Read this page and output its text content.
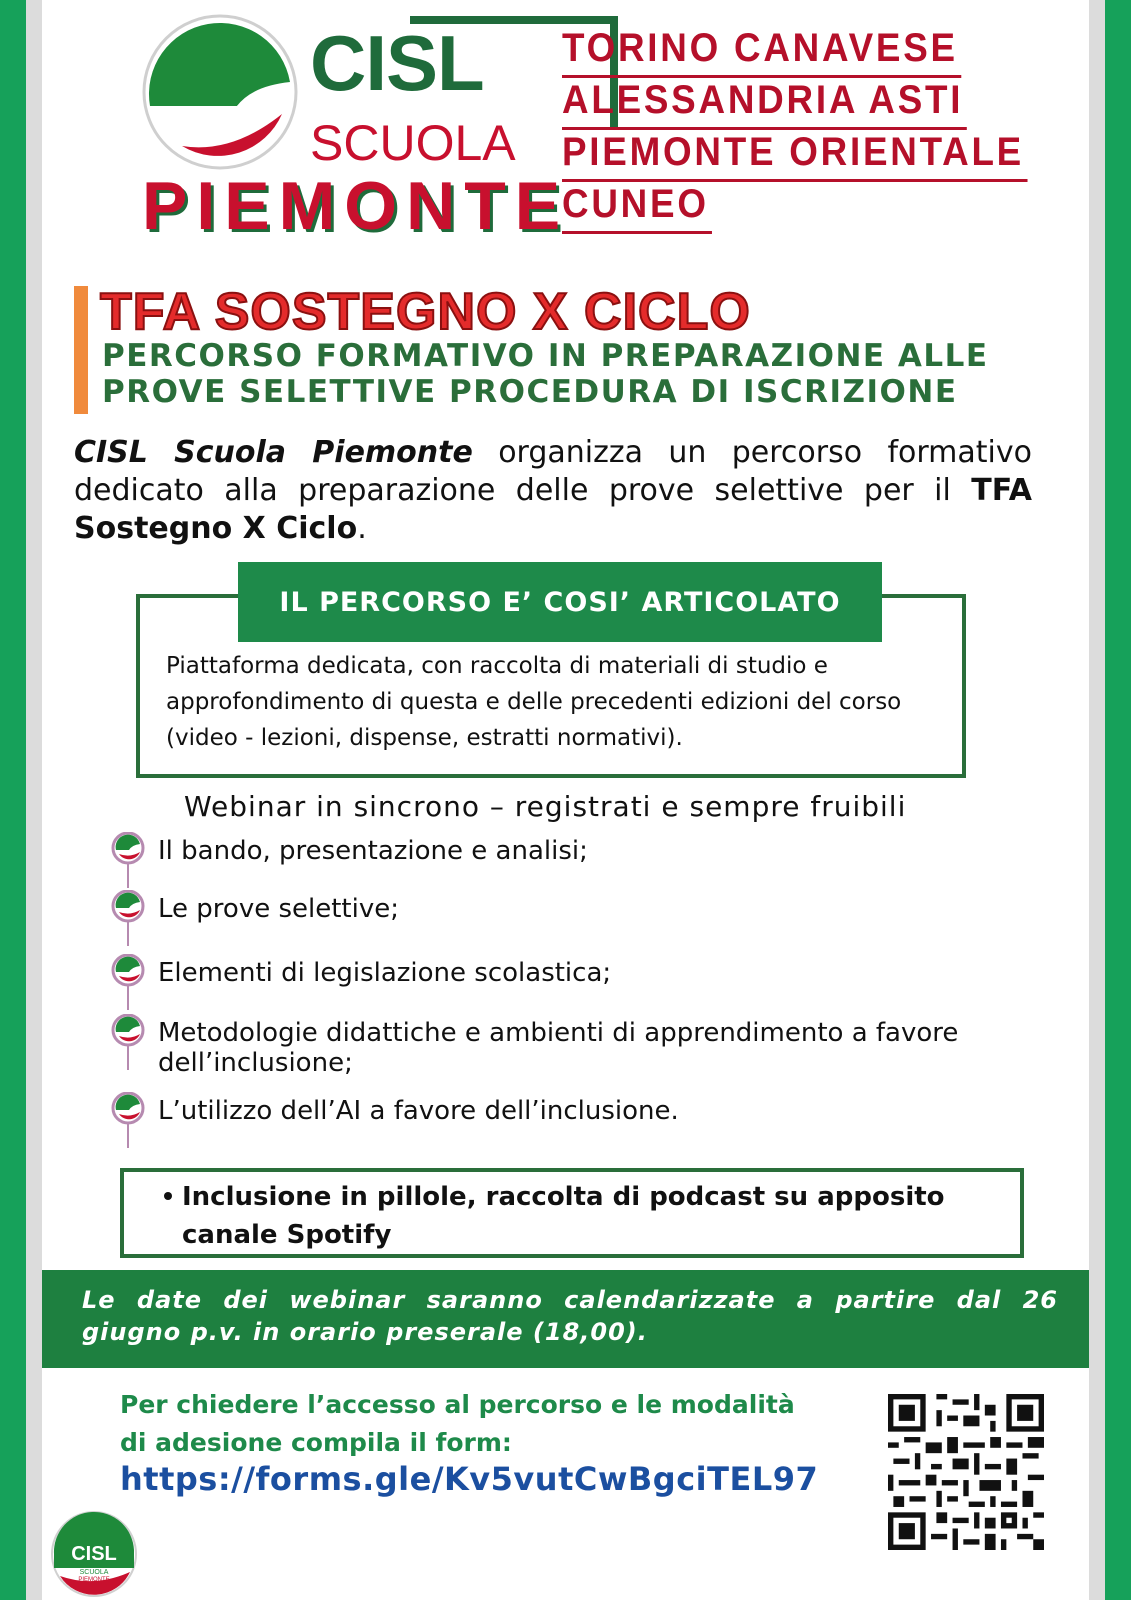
CISL
SCUOLA
PIEMONTE
TORINO CANAVESE
ALESSANDRIA ASTI
PIEMONTE ORIENTALE
CUNEO
TFA SOSTEGNO X CICLO
PERCORSO FORMATIVO IN PREPARAZIONE ALLE
PROVE SELETTIVE PROCEDURA DI ISCRIZIONE

CISL Scuola Piemonte organizza un percorso formativo dedicato alla preparazione delle prove selettive per il TFA Sostegno X Ciclo.

IL PERCORSO E’ COSI’ ARTICOLATO
Piattaforma dedicata, con raccolta di materiali di studio e approfondimento di questa e delle precedenti edizioni del corso (video - lezioni, dispense, estratti normativi).
Webinar in sincrono – registrati e sempre fruibili
Il bando, presentazione e analisi;
Le prove selettive;
Elementi di legislazione scolastica;
Metodologie didattiche e ambienti di apprendimento a favore dell’inclusione;
L’utilizzo dell’AI a favore dell’inclusione.
Inclusione in pillole, raccolta di podcast su apposito
canale Spotify
Le date dei webinar saranno calendarizzate a partire dal 26 giugno p.v. in orario preserale (18,00).
Per chiedere l’accesso al percorso e le modalità
di adesione compila il form:
https://forms.gle/Kv5vutCwBgciTEL97
CISL
SCUOLA
PIEMONTE
